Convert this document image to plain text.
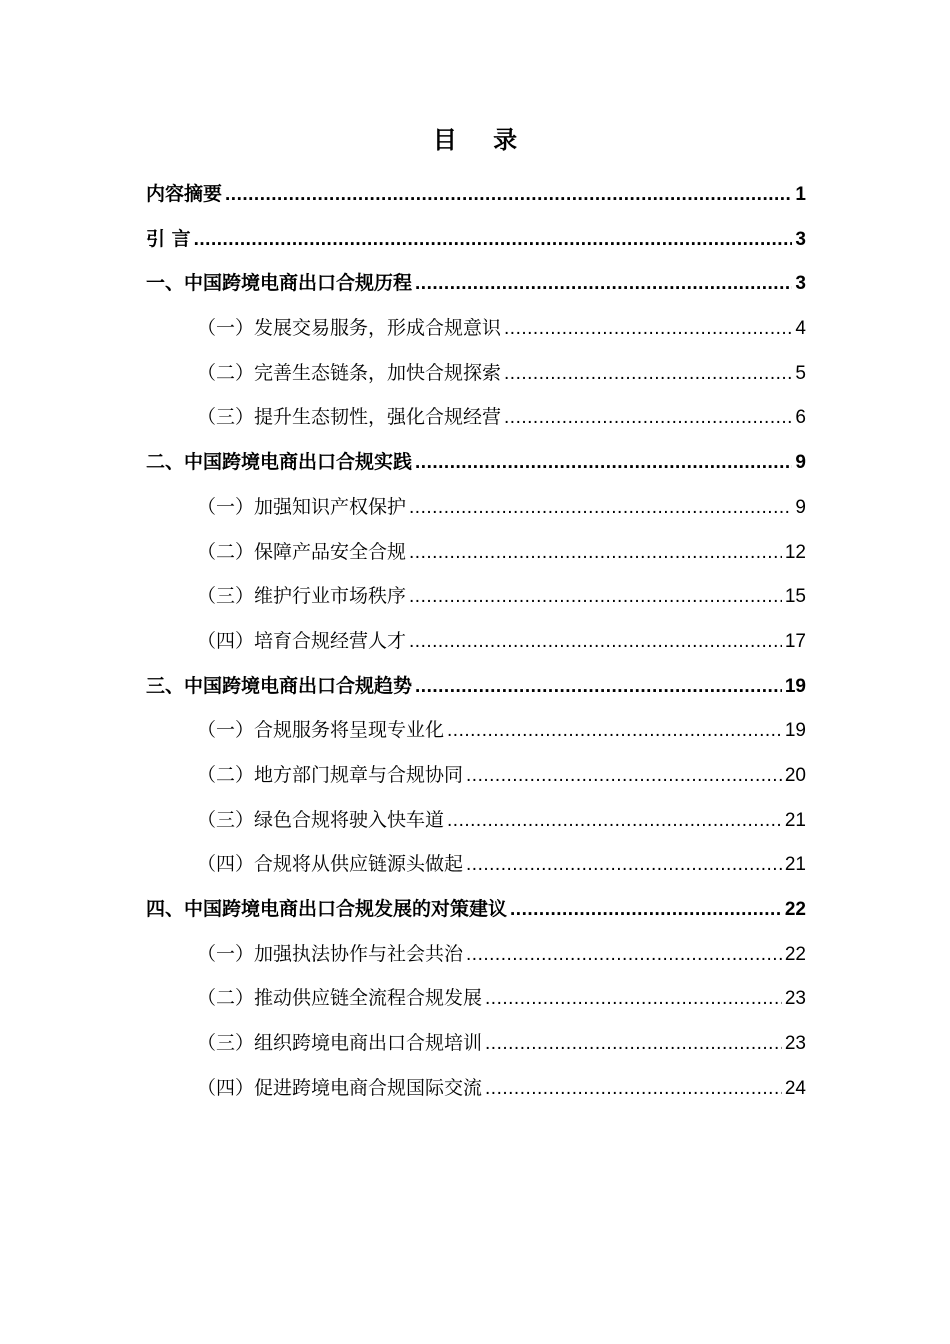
目 录
内容摘要 .....	1
引 言 .....	3
一、中国跨境电商出口合规历程 .....	3
（一）发展交易服务，形成合规意识 .....	4
（二）完善生态链条，加快合规探索 .....	5
（三）提升生态韧性，强化合规经营 .....	6
二、中国跨境电商出口合规实践 .....	9
（一）加强知识产权保护 .....	9
（二）保障产品安全合规 .....	12
（三）维护行业市场秩序 .....	15
（四）培育合规经营人才 .....	17
三、中国跨境电商出口合规趋势 .....	19
（一）合规服务将呈现专业化 .....	19
（二）地方部门规章与合规协同 .....	20
（三）绿色合规将驶入快车道 .....	21
（四）合规将从供应链源头做起 .....	21
四、中国跨境电商出口合规发展的对策建议 .....	22
（一）加强执法协作与社会共治 .....	22
（二）推动供应链全流程合规发展 .....	23
（三）组织跨境电商出口合规培训 .....	23
（四）促进跨境电商合规国际交流 .....	24
